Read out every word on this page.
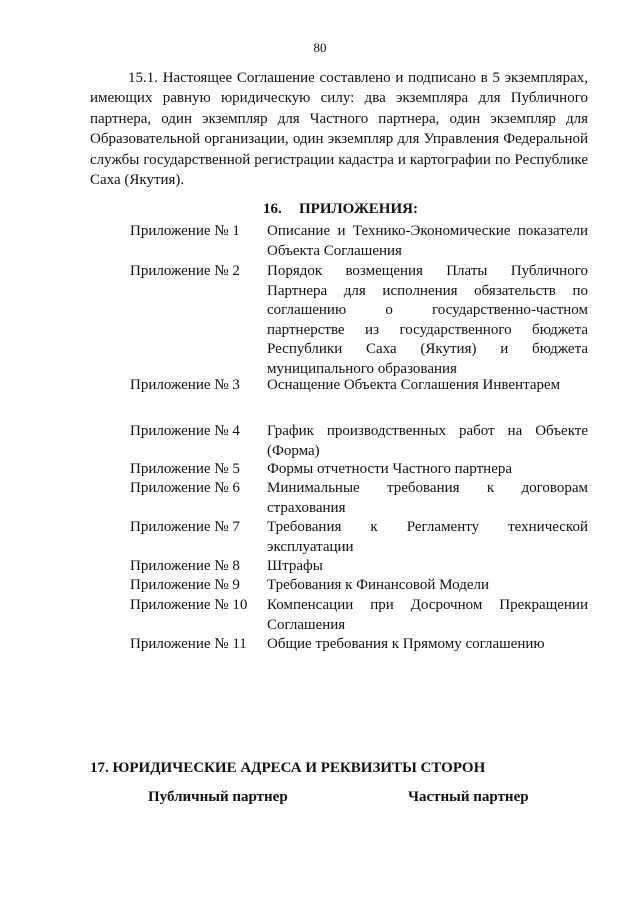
80

15.1. Настоящее Соглашение составлено и подписано в 5 экземплярах, имеющих равную юридическую силу: два экземпляра для Публичного партнера, один экземпляр для Частного партнера, один экземпляр для Образовательной организации, один экземпляр для Управления Федеральной службы государственной регистрации кадастра и картографии по Республике Саха (Якутия).

16. ПРИЛОЖЕНИЯ:
Приложение № 1 Описание и Технико-Экономические показатели Объекта Соглашения
Приложение № 2 Порядок возмещения Платы Публичного Партнера для исполнения обязательств по соглашению о государственно-частном партнерстве из государственного бюджета Республики Саха (Якутия) и бюджета муниципального образования
Приложение № 3 Оснащение Объекта Соглашения Инвентарем
Приложение № 4 График производственных работ на Объекте (Форма)
Приложение № 5 Формы отчетности Частного партнера
Приложение № 6 Минимальные требования к договорам страхования
Приложение № 7 Требования к Регламенту технической эксплуатации
Приложение № 8 Штрафы
Приложение № 9 Требования к Финансовой Модели
Приложение № 10 Компенсации при Досрочном Прекращении Соглашения
Приложение № 11 Общие требования к Прямому соглашению
17. ЮРИДИЧЕСКИЕ АДРЕСА И РЕКВИЗИТЫ СТОРОН
Публичный партнер	Частный партнер
